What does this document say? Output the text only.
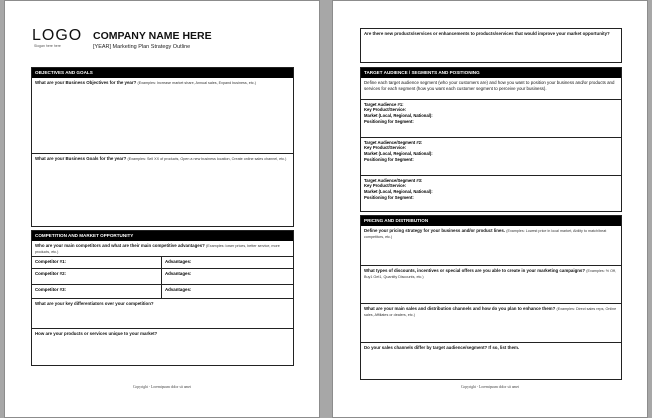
LOGO
Slogan here here
COMPANY NAME HERE
[YEAR] Marketing Plan Strategy Outline
OBJECTIVES AND GOALS
What are your Business Objectives for the year? (Examples: Increase market share, Annual sales, Expand business, etc.)
What are your Business Goals for the year? (Examples: Sell XX of products, Open a new business location, Create online sales channel, etc.)
COMPETITION AND MARKET OPPORTUNITY
Who are your main competitors and what are their main competitive advantages? (Examples: lower prices, better service, more products, etc.)
Competitor #1:	Advantages:
Competitor #2:	Advantages:
Competitor #3:	Advantages:
What are your key differentiators over your competition?
How are your products or services unique to your market?
Copyright - Loremipsum dolor sit amet
Are there new products/services or enhancements to products/services that would improve your market opportunity?
TARGET AUDIENCE / SEGMENTS AND POSITIONING
Define each target audience segment (who your customers are) and how you want to position your business and/or products and services for each segment (how you want each customer segment to perceive your business).
Target Audience #1:
Key Product/Service:
Market (Local, Regional, National):
Positioning for Segment:
Target Audience/Segment #2:
Key Product/Service:
Market (Local, Regional, National):
Positioning for Segment:
Target Audience/Segment #3:
Key Product/Service:
Market (Local, Regional, National):
Positioning for Segment:
PRICING AND DISTRIBUTION
Define your pricing strategy for your business and/or product lines. (Examples: Lowest price in local market, Ability to match/beat competitors, etc.)
What types of discounts, incentives or special offers are you able to create in your marketing campaigns? (Examples: % Off, Buy1 Get1, Quantity Discounts, etc.)
What are your main sales and distribution channels and how do you plan to enhance them? (Examples: Direct sales reps, Online sales, Affiliates or dealers, etc.)
Do your sales channels differ by target audience/segment? If so, list them.
Copyright - Loremipsum dolor sit amet
